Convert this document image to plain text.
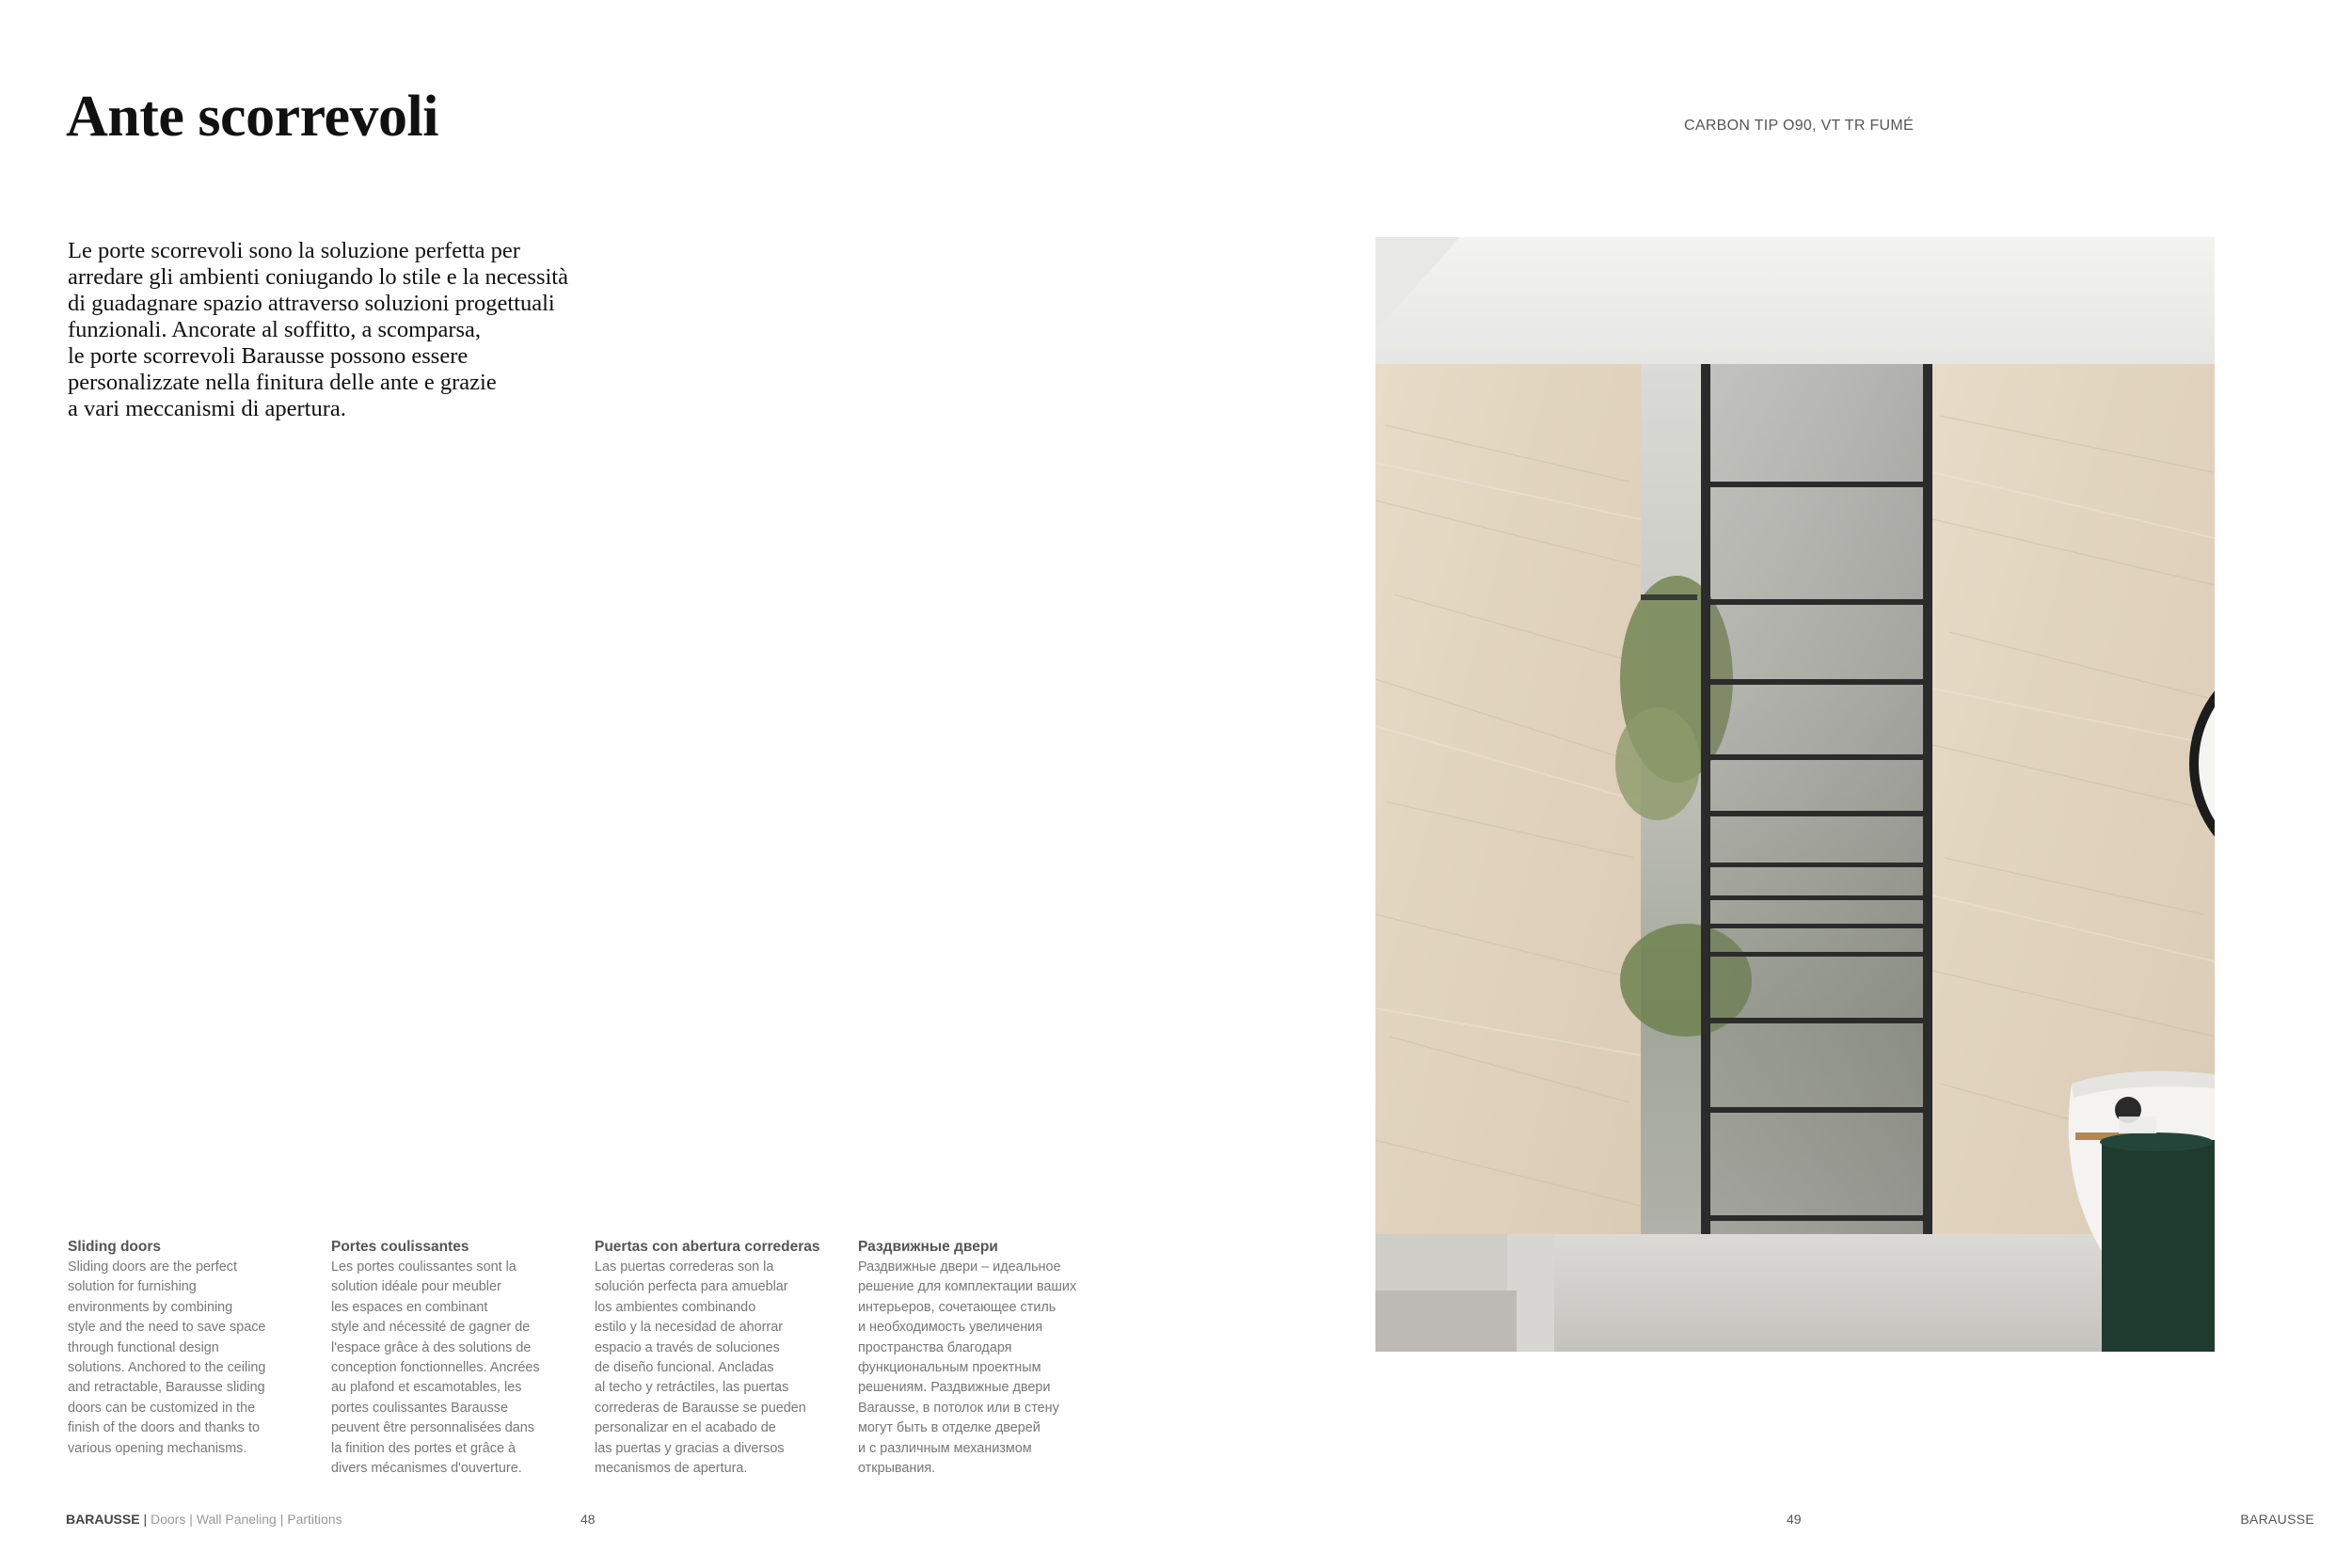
Ante scorrevoli	CARBON TIP O90, VT TR FUMÉ
Le porte scorrevoli sono la soluzione perfetta per
arredare gli ambienti coniugando lo stile e la necessità
di guadagnare spazio attraverso soluzioni progettuali
funzionali. Ancorate al soffitto, a scomparsa,
le porte scorrevoli Barausse possono essere
personalizzate nella finitura delle ante e grazie
a vari meccanismi di apertura.
Sliding doors

Sliding doors are the perfect
solution for furnishing
environments by combining
style and the need to save space
through functional design
solutions. Anchored to the ceiling
and retractable, Barausse sliding
doors can be customized in the
finish of the doors and thanks to
various opening mechanisms.

Portes coulissantes

Les portes coulissantes sont la
solution idéale pour meubler
les espaces en combinant
style and nécessité de gagner de
l'espace grâce à des solutions de
conception fonctionnelles. Ancrées
au plafond et escamotables, les
portes coulissantes Barausse
peuvent être personnalisées dans
la finition des portes et grâce à
divers mécanismes d'ouverture.

Puertas con abertura correderas

Las puertas correderas son la
solución perfecta para amueblar
los ambientes combinando
estilo y la necesidad de ahorrar
espacio a través de soluciones
de diseño funcional. Ancladas
al techo y retráctiles, las puertas
correderas de Barausse se pueden
personalizar en el acabado de
las puertas y gracias a diversos
mecanismos de apertura.

Раздвижные двери

Раздвижные двери – идеальное
решение для комплектации ваших
интерьеров, сочетающее стиль
и необходимость увеличения
пространства благодаря
функциональным проектным
решениям. Раздвижные двери
Barausse, в потолок или в стену
могут быть в отделке дверей
и с различным механизмом
открывания.

BARAUSSE | Doors | Wall Paneling | Partitions	48	49	BARAUSSE
